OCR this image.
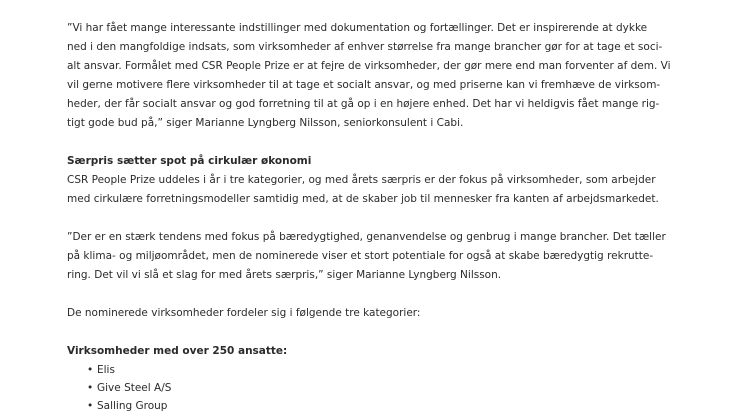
”Vi har fået mange interessante indstillinger med dokumentation og fortællinger. Det er inspirerende at dykke
ned i den mangfoldige indsats, som virksomheder af enhver størrelse fra mange brancher gør for at tage et soci-
alt ansvar. Formålet med CSR People Prize er at fejre de virksomheder, der gør mere end man forventer af dem. Vi
vil gerne motivere flere virksomheder til at tage et socialt ansvar, og med priserne kan vi fremhæve de virksom-
heder, der får socialt ansvar og god forretning til at gå op i en højere enhed. Det har vi heldigvis fået mange rig-
tigt gode bud på,” siger Marianne Lyngberg Nilsson, seniorkonsulent i Cabi.

Særpris sætter spot på cirkulær økonomi

CSR People Prize uddeles i år i tre kategorier, og med årets særpris er der fokus på virksomheder, som arbejder
med cirkulære forretningsmodeller samtidig med, at de skaber job til mennesker fra kanten af arbejdsmarkedet.

”Der er en stærk tendens med fokus på bæredygtighed, genanvendelse og genbrug i mange brancher. Det tæller
på klima- og miljøområdet, men de nominerede viser et stort potentiale for også at skabe bæredygtig rekrutte-
ring. Det vil vi slå et slag for med årets særpris,” siger Marianne Lyngberg Nilsson.

De nominerede virksomheder fordeler sig i følgende tre kategorier:

Virksomheder med over 250 ansatte:

• Elis
• Give Steel A/S
• Salling Group
